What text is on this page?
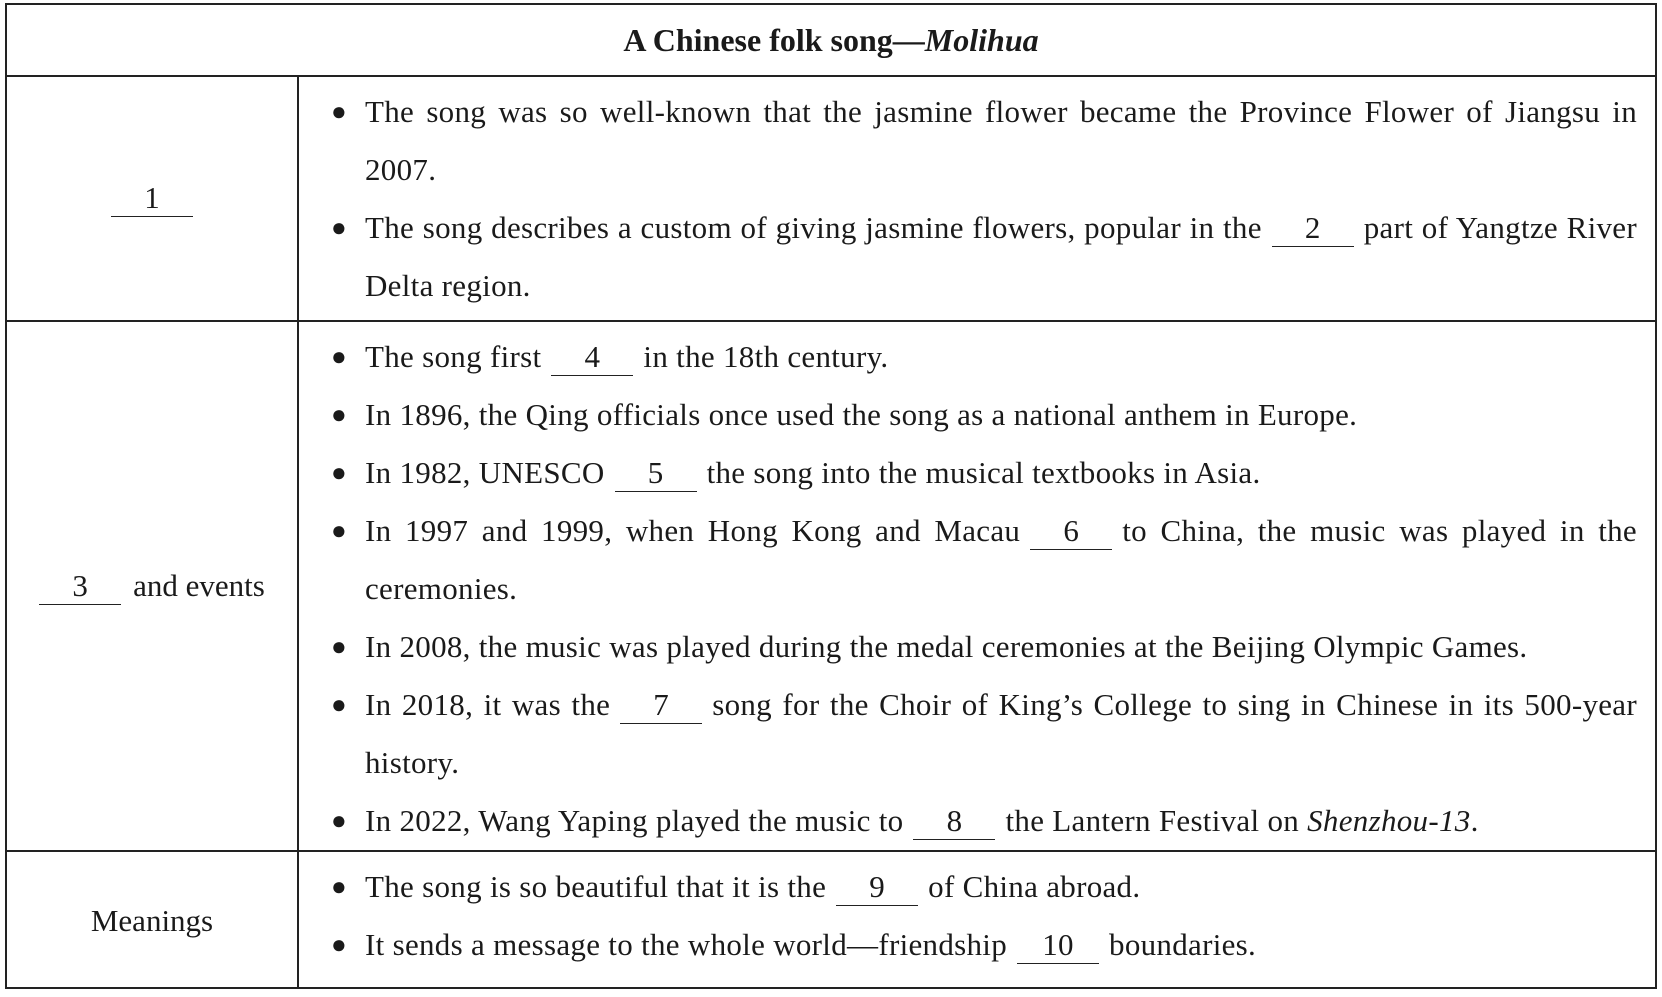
A Chinese folk song— Molihua
1
● The song was so well-known that the jasmine flower became the Province Flower of Jiangsu in 2007.
● The song describes a custom of giving jasmine flowers, popular in the 2 part of Yangtze River Delta region.
3	and events
● The song first 4 in the 18th century.
● In 1896, the Qing officials once used the song as a national anthem in Europe.
● In 1982, UNESCO 5 the song into the musical textbooks in Asia.
● In 1997 and 1999, when Hong Kong and Macau 6 to China, the music was played in the ceremonies.
● In 2008, the music was played during the medal ceremonies at the Beijing Olympic Games.
● In 2018, it was the 7 song for the Choir of King’s College to sing in Chinese in its 500-year history.
● In 2022, Wang Yaping played the music to 8 the Lantern Festival on Shenzhou-13.
Meanings
● The song is so beautiful that it is the 9 of China abroad.
● It sends a message to the whole world—friendship 10 boundaries.
